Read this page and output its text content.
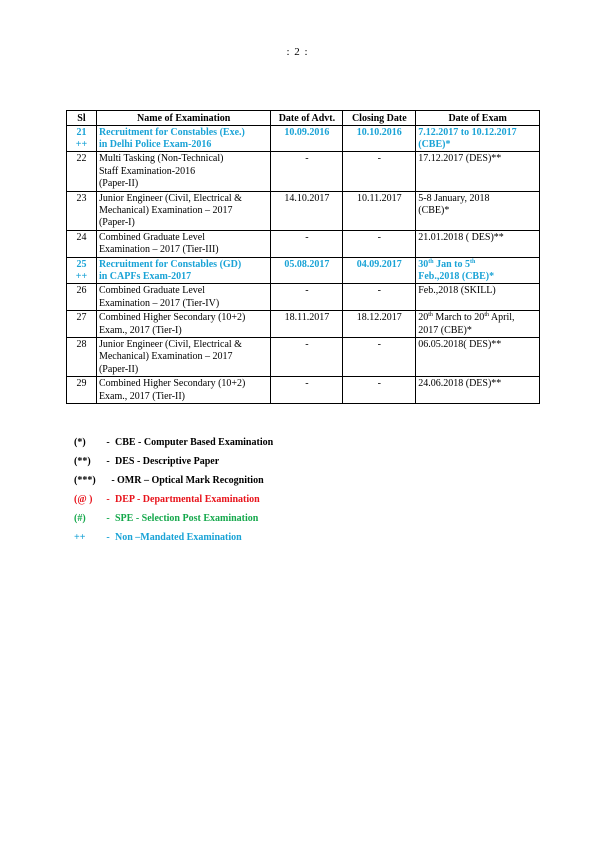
: 2 :
Sl	Name of Examination	Date of Advt.	Closing Date	Date of Exam
21
++	Recruitment for Constables (Exe.)
in Delhi Police Exam-2016	10.09.2016	10.10.2016	7.12.2017 to 10.12.2017
(CBE)*
22	Multi Tasking (Non-Technical)
Staff Examination-2016
(Paper-II)	-	-	17.12.2017 (DES)**
23	Junior Engineer (Civil, Electrical &
Mechanical) Examination – 2017
(Paper-I)	14.10.2017	10.11.2017	5-8 January, 2018
(CBE)*
24	Combined Graduate Level
Examination – 2017 (Tier-III)	-	-	21.01.2018 ( DES)**
25
++	Recruitment for Constables (GD)
in CAPFs Exam-2017	05.08.2017	04.09.2017	30th Jan to 5th
Feb.,2018 (CBE)*
26	Combined Graduate Level
Examination – 2017 (Tier-IV)	-	-	Feb.,2018 (SKILL)
27	Combined Higher Secondary (10+2)
Exam., 2017 (Tier-I)	18.11.2017	18.12.2017	20th March to 20th April,
2017 (CBE)*
28	Junior Engineer (Civil, Electrical &
Mechanical) Examination – 2017
(Paper-II)	-	-	06.05.2018( DES)**
29	Combined Higher Secondary (10+2)
Exam., 2017 (Tier-II)	-	-	24.06.2018 (DES)**
(*)	- CBE - Computer Based Examination
(**)	- DES - Descriptive Paper
(***)	- OMR – Optical Mark Recognition
(@ )	- DEP - Departmental Examination
(#)	- SPE - Selection Post Examination
++	- Non –Mandated Examination
